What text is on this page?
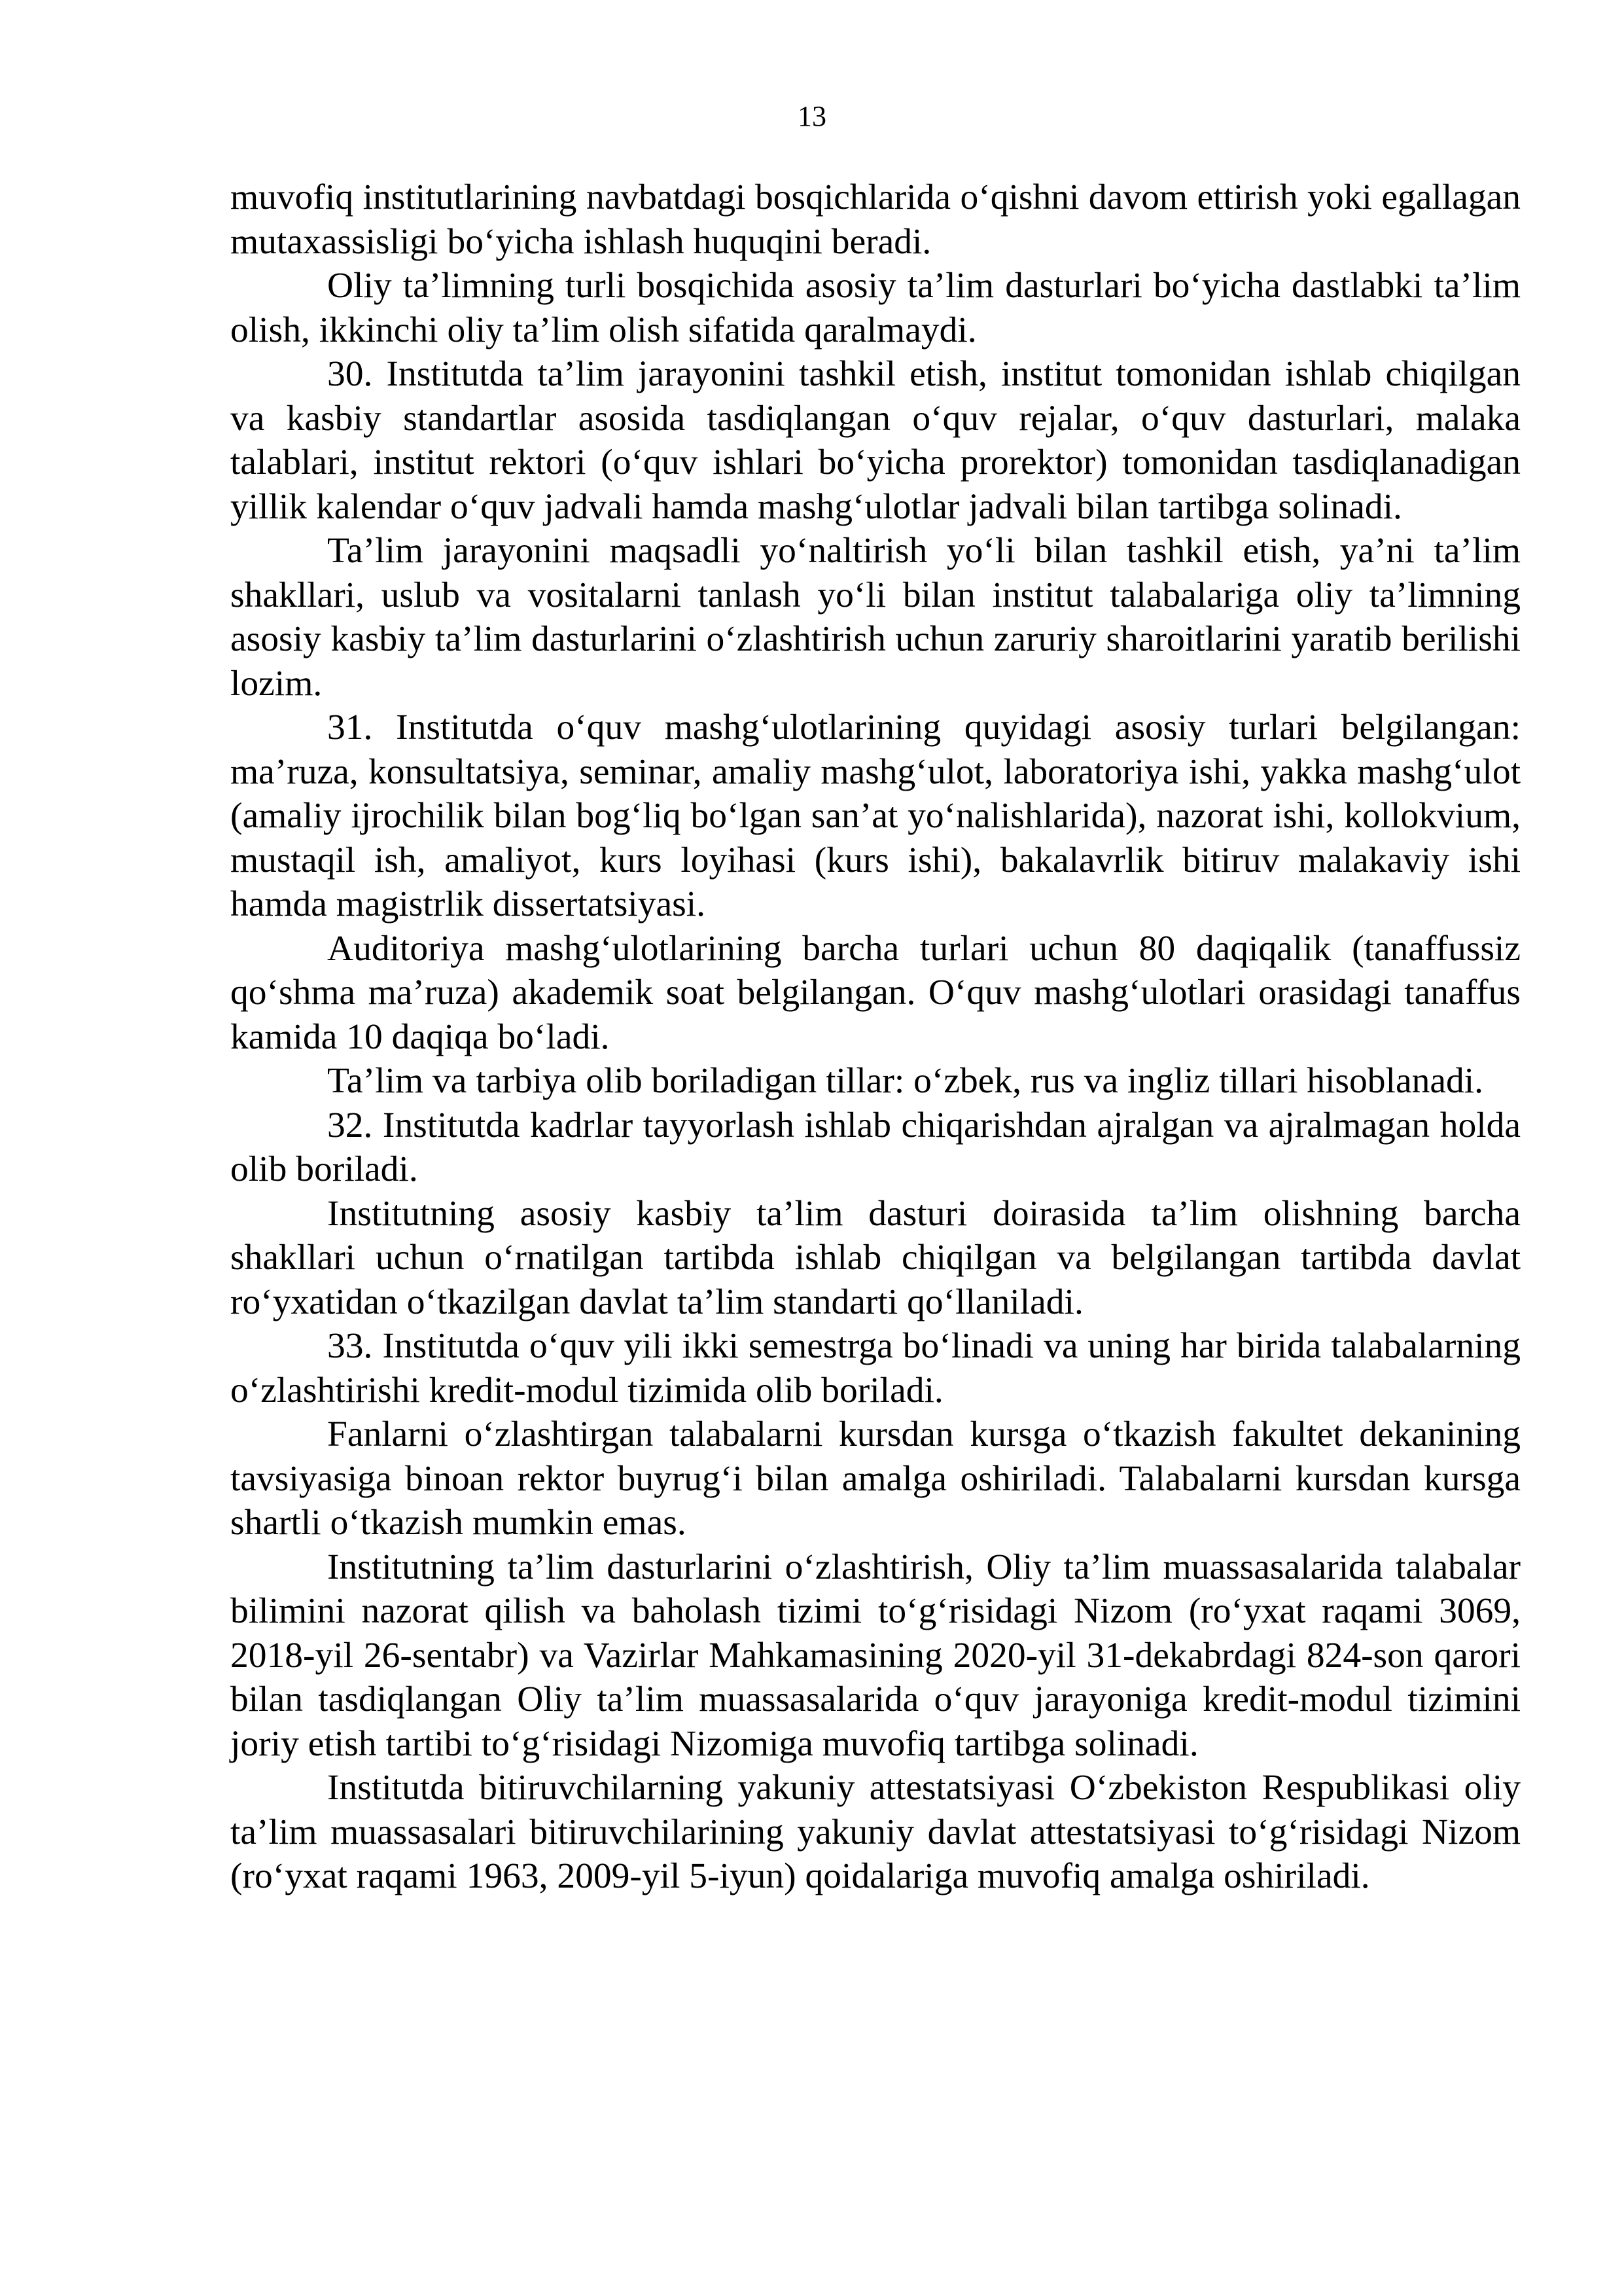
13

muvofiq institutlarining navbatdagi bosqichlarida o‘qishni davom ettirish yoki egallagan mutaxassisligi bo‘yicha ishlash huquqini beradi.

Oliy ta’limning turli bosqichida asosiy ta’lim dasturlari bo‘yicha dastlabki ta’lim olish, ikkinchi oliy ta’lim olish sifatida qaralmaydi.

30. Institutda ta’lim jarayonini tashkil etish, institut tomonidan ishlab chiqilgan va kasbiy standartlar asosida tasdiqlangan o‘quv rejalar, o‘quv dasturlari, malaka talablari, institut rektori (o‘quv ishlari bo‘yicha prorektor) tomonidan tasdiqlanadigan yillik kalendar o‘quv jadvali hamda mashg‘ulotlar jadvali bilan tartibga solinadi.

Ta’lim jarayonini maqsadli yo‘naltirish yo‘li bilan tashkil etish, ya’ni ta’lim shakllari, uslub va vositalarni tanlash yo‘li bilan institut talabalariga oliy ta’limning asosiy kasbiy ta’lim dasturlarini o‘zlashtirish uchun zaruriy sharoitlarini yaratib berilishi lozim.

31. Institutda o‘quv mashg‘ulotlarining quyidagi asosiy turlari belgilangan: ma’ruza, konsultatsiya, seminar, amaliy mashg‘ulot, laboratoriya ishi, yakka mashg‘ulot (amaliy ijrochilik bilan bog‘liq bo‘lgan san’at yo‘nalishlarida), nazorat ishi, kollokvium, mustaqil ish, amaliyot, kurs loyihasi (kurs ishi), bakalavrlik bitiruv malakaviy ishi hamda magistrlik dissertatsiyasi.

Auditoriya mashg‘ulotlarining barcha turlari uchun 80 daqiqalik (tanaffussiz qo‘shma ma’ruza) akademik soat belgilangan. O‘quv mashg‘ulotlari orasidagi tanaffus kamida 10 daqiqa bo‘ladi.

Ta’lim va tarbiya olib boriladigan tillar: o‘zbek, rus va ingliz tillari hisoblanadi.

32. Institutda kadrlar tayyorlash ishlab chiqarishdan ajralgan va ajralmagan holda olib boriladi.

Institutning asosiy kasbiy ta’lim dasturi doirasida ta’lim olishning barcha shakllari uchun o‘rnatilgan tartibda ishlab chiqilgan va belgilangan tartibda davlat ro‘yxatidan o‘tkazilgan davlat ta’lim standarti qo‘llaniladi.

33. Institutda o‘quv yili ikki semestrga bo‘linadi va uning har birida talabalarning o‘zlashtirishi kredit-modul tizimida olib boriladi.

Fanlarni o‘zlashtirgan talabalarni kursdan kursga o‘tkazish fakultet dekanining tavsiyasiga binoan rektor buyrug‘i bilan amalga oshiriladi. Talabalarni kursdan kursga shartli o‘tkazish mumkin emas.

Institutning ta’lim dasturlarini o‘zlashtirish, Oliy ta’lim muassasalarida talabalar bilimini nazorat qilish va baholash tizimi to‘g‘risidagi Nizom (ro‘yxat raqami 3069, 2018-yil 26-sentabr) va Vazirlar Mahkamasining 2020-yil 31-dekabrdagi 824-son qarori bilan tasdiqlangan Oliy ta’lim muassasalarida o‘quv jarayoniga kredit-modul tizimini joriy etish tartibi to‘g‘risidagi Nizomiga muvofiq tartibga solinadi.

Institutda bitiruvchilarning yakuniy attestatsiyasi O‘zbekiston Respublikasi oliy ta’lim muassasalari bitiruvchilarining yakuniy davlat attestatsiyasi to‘g‘risidagi Nizom (ro‘yxat raqami 1963, 2009-yil 5-iyun) qoidalariga muvofiq amalga oshiriladi.
